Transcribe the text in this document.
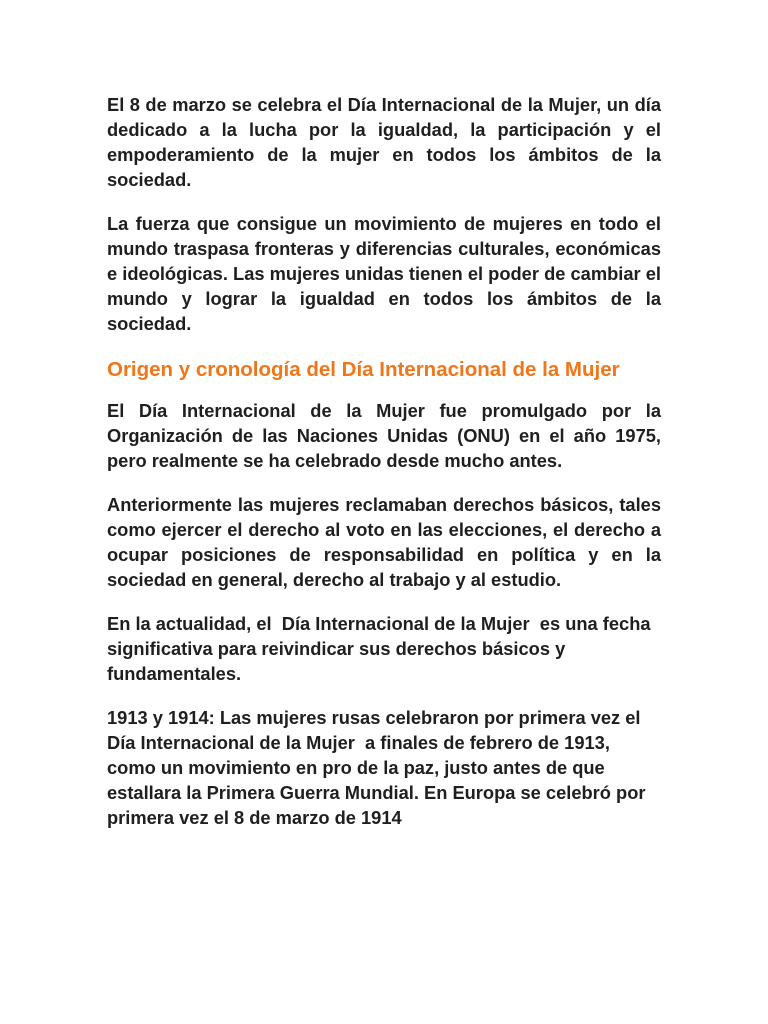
El 8 de marzo se celebra el Día Internacional de la Mujer, un día dedicado a la lucha por la igualdad, la participación y el empoderamiento de la mujer en todos los ámbitos de la sociedad.

La fuerza que consigue un movimiento de mujeres en todo el mundo traspasa fronteras y diferencias culturales, económicas e ideológicas. Las mujeres unidas tienen el poder de cambiar el mundo y lograr la igualdad en todos los ámbitos de la sociedad.

Origen y cronología del Día Internacional de la Mujer

El Día Internacional de la Mujer fue promulgado por la Organización de las Naciones Unidas (ONU) en el año 1975, pero realmente se ha celebrado desde mucho antes.

Anteriormente las mujeres reclamaban derechos básicos, tales como ejercer el derecho al voto en las elecciones, el derecho a ocupar posiciones de responsabilidad en política y en la sociedad en general, derecho al trabajo y al estudio.

En la actualidad, el  Día Internacional de la Mujer  es una fecha significativa para reivindicar sus derechos básicos y fundamentales.

1913 y 1914: Las mujeres rusas celebraron por primera vez el  Día Internacional de la Mujer  a finales de febrero de 1913, como un movimiento en pro de la paz, justo antes de que estallara la Primera Guerra Mundial. En Europa se celebró por primera vez el 8 de marzo de 1914
